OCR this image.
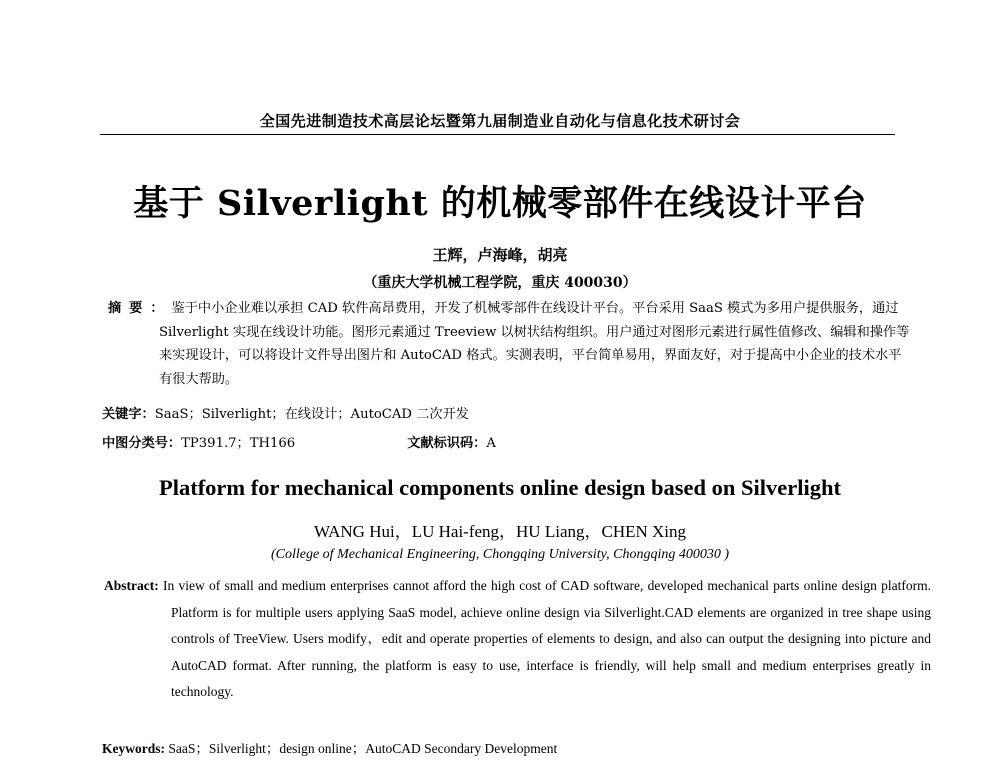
全国先进制造技术高层论坛暨第九届制造业自动化与信息化技术研讨会
基于 Silverlight 的机械零部件在线设计平台
王辉，卢海峰，胡亮
（重庆大学机械工程学院，重庆 400030）
摘要：鉴于中小企业难以承担 CAD 软件高昂费用，开发了机械零部件在线设计平台。平台采用 SaaS 模式为多用户提供服务，通过 Silverlight 实现在线设计功能。图形元素通过 Treeview 以树状结构组织。用户通过对图形元素进行属性值修改、编辑和操作等来实现设计，可以将设计文件导出图片和 AutoCAD 格式。实测表明，平台简单易用，界面友好，对于提高中小企业的技术水平有很大帮助。
关键字：SaaS；Silverlight；在线设计；AutoCAD 二次开发
中图分类号：TP391.7；TH166	文献标识码：A
Platform for mechanical components online design based on Silverlight
WANG Hui，LU Hai-feng，HU Liang，CHEN Xing
(College of Mechanical Engineering, Chongqing University, Chongqing 400030 )
Abstract: In view of small and medium enterprises cannot afford the high cost of CAD software, developed mechanical parts online design platform. Platform is for multiple users applying SaaS model, achieve online design via Silverlight.CAD elements are organized in tree shape using controls of TreeView. Users modify，edit and operate properties of elements to design, and also can output the designing into picture and AutoCAD format. After running, the platform is easy to use, interface is friendly, will help small and medium enterprises greatly in technology.
Keywords: SaaS；Silverlight；design online；AutoCAD Secondary Development
